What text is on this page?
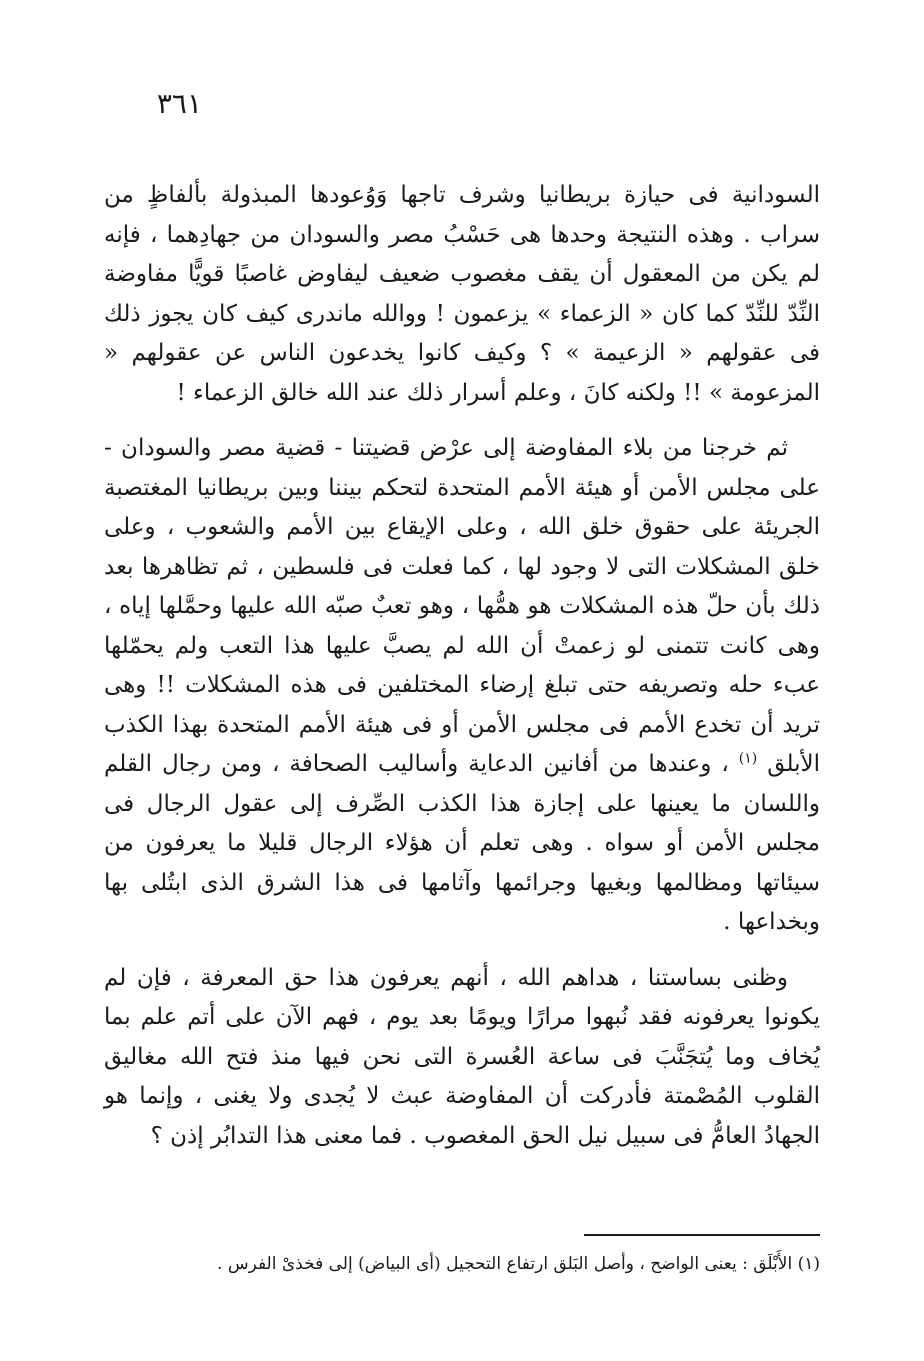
٣٦١

السودانية فى حيازة بريطانيا وشرف تاجها وَوُعودها المبذولة بألفاظٍ من سراب . وهذه النتيجة وحدها هى حَسْبُ مصر والسودان من جهادِهما ، فإنه لم يكن من المعقول أن يقف مغصوب ضعيف ليفاوض غاصبًا قويًّا مفاوضة النِّدّ للنِّدّ كما كان « الزعماء » يزعمون ! ووالله ماندرى كيف كان يجوز ذلك فى عقولهم « الزعيمة » ؟ وكيف كانوا يخدعون الناس عن عقولهم « المزعومة » !! ولكنه كانَ ، وعلم أسرار ذلك عند الله خالق الزعماء !

ثم خرجنا من بلاء المفاوضة إلى عرْض قضيتنا - قضية مصر والسودان - على مجلس الأمن أو هيئة الأمم المتحدة لتحكم بيننا وبين بريطانيا المغتصبة الجريئة على حقوق خلق الله ، وعلى الإيقاع بين الأمم والشعوب ، وعلى خلق المشكلات التى لا وجود لها ، كما فعلت فى فلسطين ، ثم تظاهرها بعد ذلك بأن حلّ هذه المشكلات هو همُّها ، وهو تعبٌ صبّه الله عليها وحمَّلها إياه ، وهى كانت تتمنى لو زعمتْ أن الله لم يصبَّ عليها هذا التعب ولم يحمّلها عبء حله وتصريفه حتى تبلغ إرضاء المختلفين فى هذه المشكلات !! وهى تريد أن تخدع الأمم فى مجلس الأمن أو فى هيئة الأمم المتحدة بهذا الكذب الأبلق $^{(١)}$ ، وعندها من أفانين الدعاية وأساليب الصحافة ، ومن رجال القلم واللسان ما يعينها على إجازة هذا الكذب الصِّرف إلى عقول الرجال فى مجلس الأمن أو سواه . وهى تعلم أن هؤلاء الرجال قليلا ما يعرفون من سيئاتها ومظالمها وبغيها وجرائمها وآثامها فى هذا الشرق الذى ابتُلى بها وبخداعها .

وظنى بساستنا ، هداهم الله ، أنهم يعرفون هذا حق المعرفة ، فإن لم يكونوا يعرفونه فقد نُبهوا مرارًا ويومًا بعد يوم ، فهم الآن على أتم علم بما يُخاف وما يُتجَنَّبَ فى ساعة العُسرة التى نحن فيها منذ فتح الله مغاليق القلوب المُصْمتة فأدركت أن المفاوضة عبث لا يُجدى ولا يغنى ، وإنما هو الجهادُ العامُّ فى سبيل نيل الحق المغصوب . فما معنى هذا التدابُر إذن ؟

(١) الأَبْلَق : يعنى الواضح ، وأصل البَلق ارتفاع التحجيل (أى البياض) إلى فخذىْ الفرس .
